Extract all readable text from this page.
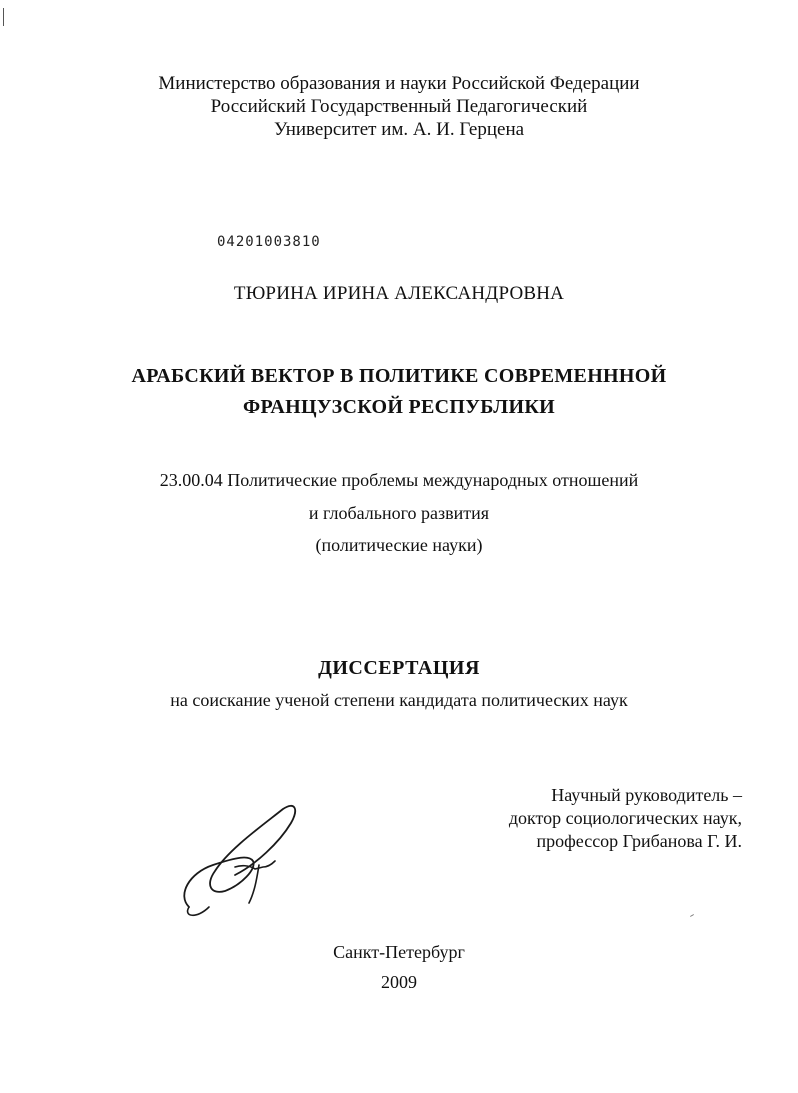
Министерство образования и науки Российской Федерации
Российский Государственный Педагогический
Университет им. А. И. Герцена
04201003810
ТЮРИНА ИРИНА АЛЕКСАНДРОВНА
АРАБСКИЙ ВЕКТОР В ПОЛИТИКЕ СОВРЕМЕНННОЙ
ФРАНЦУЗСКОЙ РЕСПУБЛИКИ
23.00.04 Политические проблемы международных отношений
и глобального развития
(политические науки)
ДИССЕРТАЦИЯ
на соискание ученой степени кандидата политических наук
Научный руководитель –
доктор социологических наук,
профессор Грибанова Г. И.
Санкт-Петербург
2009
